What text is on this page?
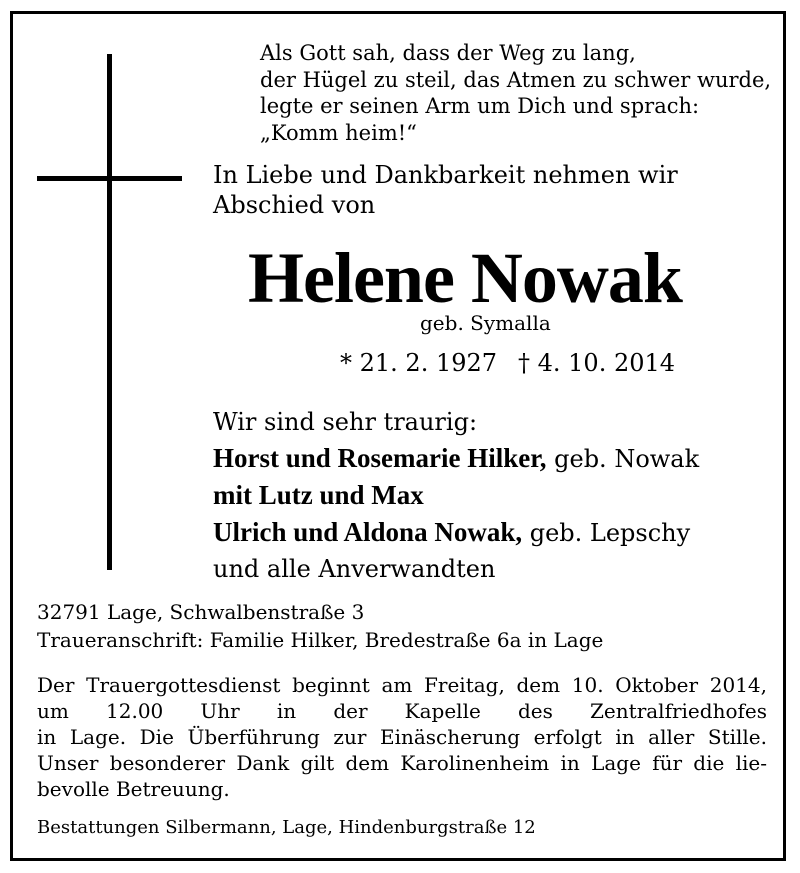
Als Gott sah, dass der Weg zu lang,
der Hügel zu steil, das Atmen zu schwer wurde,
legte er seinen Arm um Dich und sprach:
„Komm heim!“
In Liebe und Dankbarkeit nehmen wir
Abschied von
Helene Nowak
geb. Symalla
* 21. 2. 1927 † 4. 10. 2014
Wir sind sehr traurig:
Horst und Rosemarie Hilker, geb. Nowak
mit Lutz und Max
Ulrich und Aldona Nowak, geb. Lepschy
und alle Anverwandten
32791 Lage, Schwalbenstraße 3
Traueranschrift: Familie Hilker, Bredestraße 6a in Lage
Der Trauergottesdienst beginnt am Freitag, dem 10. Oktober 2014,
um 12.00 Uhr in der Kapelle des Zentralfriedhofes
in Lage. Die Überführung zur Einäscherung erfolgt in aller Stille.
Unser besonderer Dank gilt dem Karolinenheim in Lage für die lie-
bevolle Betreuung.
Bestattungen Silbermann, Lage, Hindenburgstraße 12
